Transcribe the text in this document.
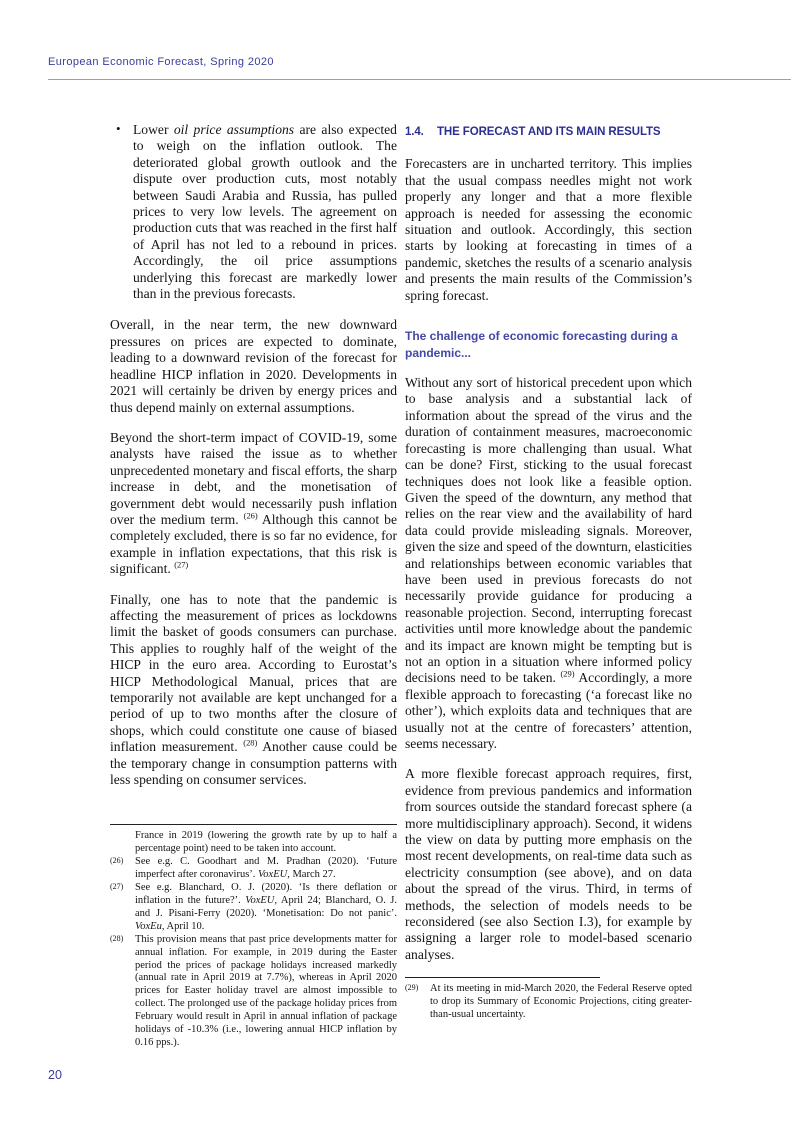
European Economic Forecast, Spring 2020
• Lower oil price assumptions are also expected to weigh on the inflation outlook. The deteriorated global growth outlook and the dispute over production cuts, most notably between Saudi Arabia and Russia, has pulled prices to very low levels. The agreement on production cuts that was reached in the first half of April has not led to a rebound in prices. Accordingly, the oil price assumptions underlying this forecast are markedly lower than in the previous forecasts.

Overall, in the near term, the new downward pressures on prices are expected to dominate, leading to a downward revision of the forecast for headline HICP inflation in 2020. Developments in 2021 will certainly be driven by energy prices and thus depend mainly on external assumptions.

Beyond the short-term impact of COVID-19, some analysts have raised the issue as to whether unprecedented monetary and fiscal efforts, the sharp increase in debt, and the monetisation of government debt would necessarily push inflation over the medium term. $^{(26)}$ Although this cannot be completely excluded, there is so far no evidence, for example in inflation expectations, that this risk is significant. $^{(27)}$

Finally, one has to note that the pandemic is affecting the measurement of prices as lockdowns limit the basket of goods consumers can purchase. This applies to roughly half of the weight of the HICP in the euro area. According to Eurostat’s HICP Methodological Manual, prices that are temporarily not available are kept unchanged for a period of up to two months after the closure of shops, which could constitute one cause of biased inflation measurement. $^{(28)}$ Another cause could be the temporary change in consumption patterns with less spending on consumer services.

France in 2019 (lowering the growth rate by up to half a percentage point) need to be taken into account.
(26) See e.g. C. Goodhart and M. Pradhan (2020). ‘Future imperfect after coronavirus’. VoxEU, March 27.
(27) See e.g. Blanchard, O. J. (2020). ‘Is there deflation or inflation in the future?’. VoxEU, April 24; Blanchard, O. J. and J. Pisani-Ferry (2020). ‘Monetisation: Do not panic’. VoxEu, April 10.
(28) This provision means that past price developments matter for annual inflation. For example, in 2019 during the Easter period the prices of package holidays increased markedly (annual rate in April 2019 at 7.7%), whereas in April 2020 prices for Easter holiday travel are almost impossible to collect. The prolonged use of the package holiday prices from February would result in April in annual inflation of package holidays of -10.3% (i.e., lowering annual HICP inflation by 0.16 pps.).
1.4.	THE FORECAST AND ITS MAIN RESULTS

Forecasters are in uncharted territory. This implies that the usual compass needles might not work properly any longer and that a more flexible approach is needed for assessing the economic situation and outlook. Accordingly, this section starts by looking at forecasting in times of a pandemic, sketches the results of a scenario analysis and presents the main results of the Commission’s spring forecast.

The challenge of economic forecasting during a pandemic...

Without any sort of historical precedent upon which to base analysis and a substantial lack of information about the spread of the virus and the duration of containment measures, macroeconomic forecasting is more challenging than usual. What can be done? First, sticking to the usual forecast techniques does not look like a feasible option. Given the speed of the downturn, any method that relies on the rear view and the availability of hard data could provide misleading signals. Moreover, given the size and speed of the downturn, elasticities and relationships between economic variables that have been used in previous forecasts do not necessarily provide guidance for producing a reasonable projection. Second, interrupting forecast activities until more knowledge about the pandemic and its impact are known might be tempting but is not an option in a situation where informed policy decisions need to be taken. $^{(29)}$ Accordingly, a more flexible approach to forecasting (‘a forecast like no other’), which exploits data and techniques that are usually not at the centre of forecasters’ attention, seems necessary.

A more flexible forecast approach requires, first, evidence from previous pandemics and information from sources outside the standard forecast sphere (a more multidisciplinary approach). Second, it widens the view on data by putting more emphasis on the most recent developments, on real-time data such as electricity consumption (see above), and on data about the spread of the virus. Third, in terms of methods, the selection of models needs to be reconsidered (see also Section I.3), for example by assigning a larger role to model-based scenario analyses.

(29) At its meeting in mid-March 2020, the Federal Reserve opted to drop its Summary of Economic Projections, citing greater-than-usual uncertainty.
20
